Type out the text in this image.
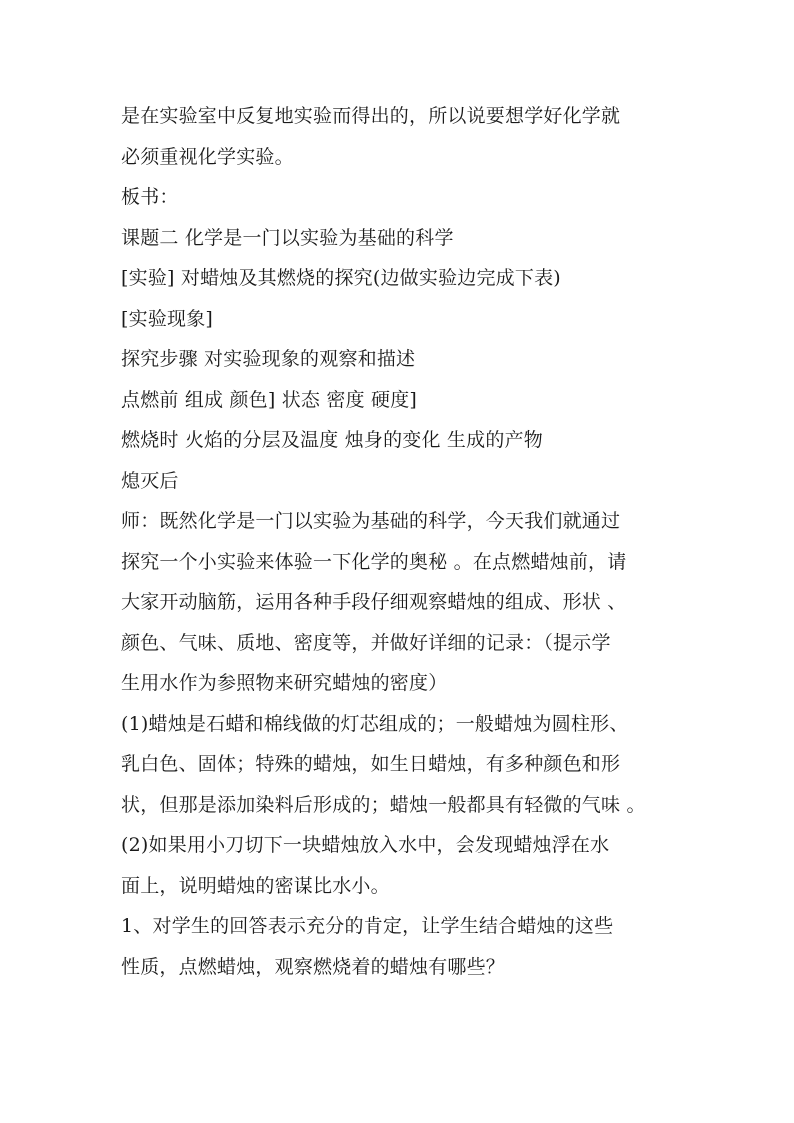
是在实验室中反复地实验而得出的，所以说要想学好化学就
必须重视化学实验。
板书：
课题二 化学是一门以实验为基础的科学
[实验] 对蜡烛及其燃烧的探究(边做实验边完成下表)
[实验现象]
探究步骤 对实验现象的观察和描述
点燃前 组成 颜色] 状态 密度 硬度]
燃烧时 火焰的分层及温度 烛身的变化 生成的产物
熄灭后
师：既然化学是一门以实验为基础的科学，今天我们就通过
探究一个小实验来体验一下化学的奥秘 。在点燃蜡烛前，请
大家开动脑筋，运用各种手段仔细观察蜡烛的组成、形状 、
颜色、气味、质地、密度等，并做好详细的记录：（提示学
生用水作为参照物来研究蜡烛的密度）
(1)蜡烛是石蜡和棉线做的灯芯组成的；一般蜡烛为圆柱形、
乳白色、固体；特殊的蜡烛，如生日蜡烛，有多种颜色和形
状，但那是添加染料后形成的；蜡烛一般都具有轻微的气味 。
(2)如果用小刀切下一块蜡烛放入水中，会发现蜡烛浮在水
面上，说明蜡烛的密谋比水小。
1、对学生的回答表示充分的肯定，让学生结合蜡烛的这些
性质，点燃蜡烛，观察燃烧着的蜡烛有哪些？
